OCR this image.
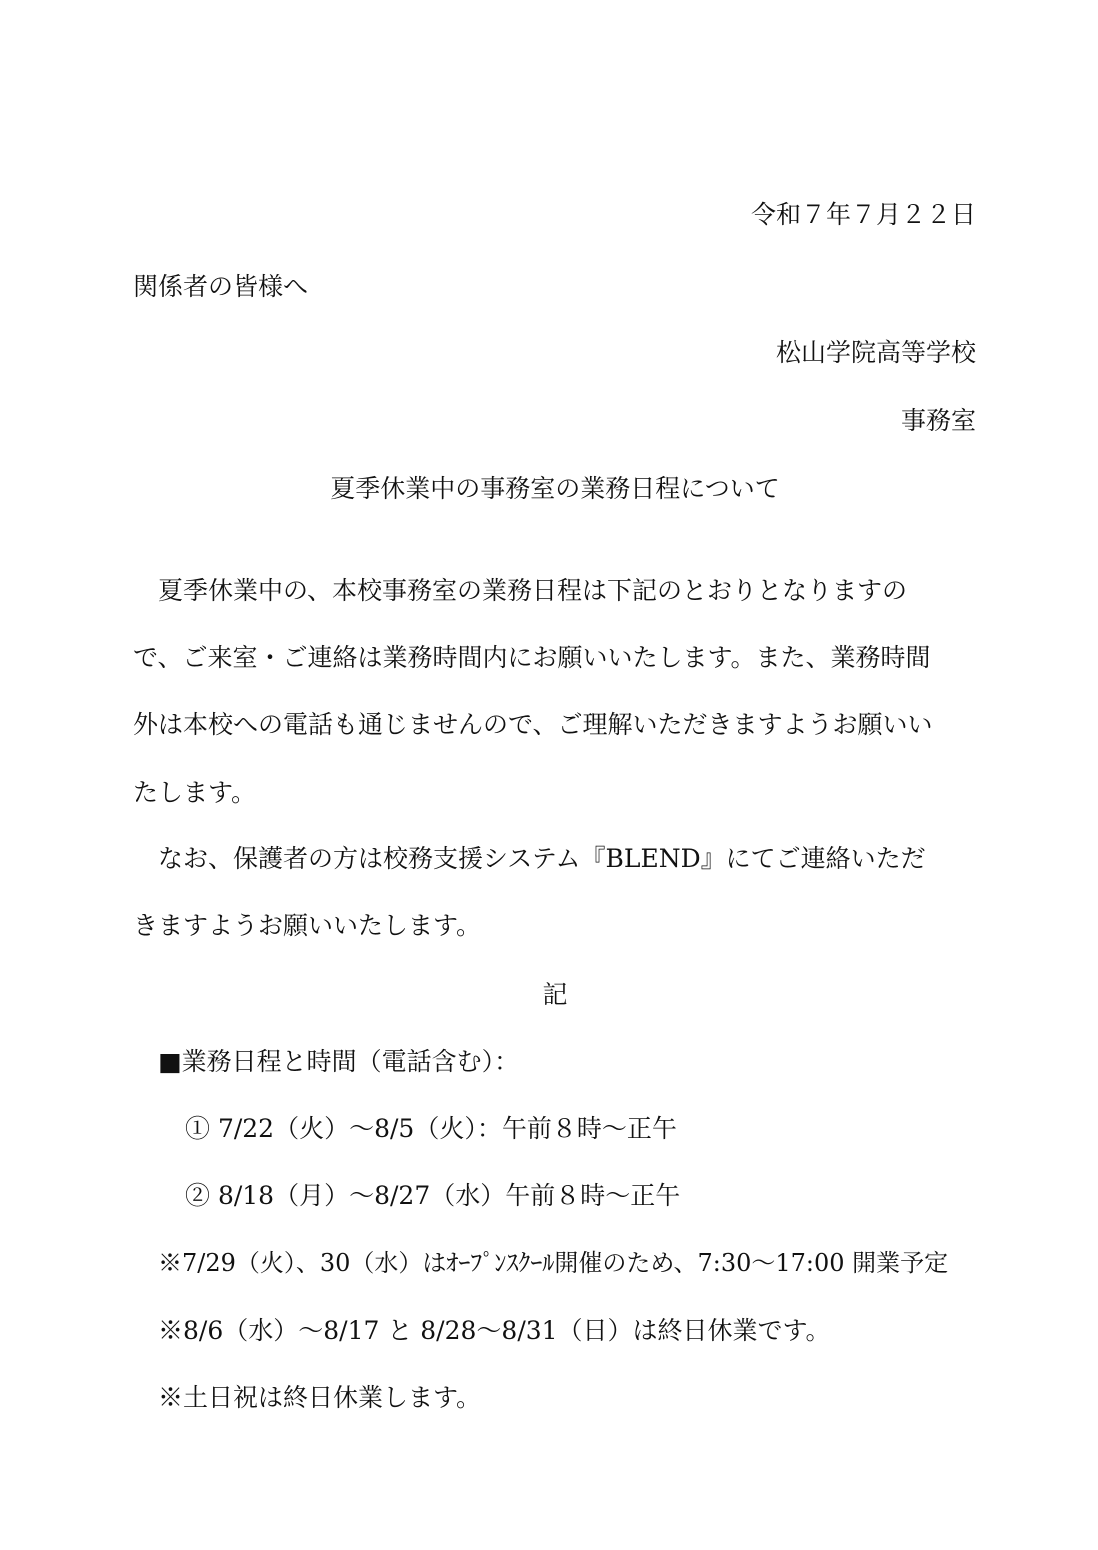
令和７年７月２２日
関係者の皆様へ
松山学院高等学校
事務室
夏季休業中の事務室の業務日程について
夏季休業中の、本校事務室の業務日程は下記のとおりとなりますの
で、ご来室・ご連絡は業務時間内にお願いいたします。また、業務時間
外は本校への電話も通じませんので、ご理解いただきますようお願いい
たします。
なお、保護者の方は校務支援システム『BLEND』にてご連絡いただ
きますようお願いいたします。
記
■業務日程と時間（電話含む）：
① 7/22（火）～8/5（火）：午前８時～正午
② 8/18（月）～8/27（水）午前８時～正午
※7/29（火）、30（水）はｵｰﾌﾟﾝｽｸｰﾙ開催のため、7:30～17:00 開業予定
※8/6（水）～8/17 と 8/28～8/31（日）は終日休業です。
※土日祝は終日休業します。
